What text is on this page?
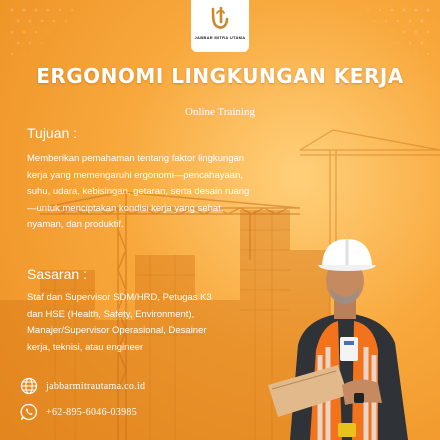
JABBAR MITRA UTAMA
ERGONOMI LINGKUNGAN KERJA
Online Training
Tujuan :
Memberikan pemahaman tentang faktor lingkungan
kerja yang memengaruhi ergonomi—pencahayaan,
suhu, udara, kebisingan, getaran, serta desain ruang
—untuk menciptakan kondisi kerja yang sehat,
nyaman, dan produktif.
Sasaran :
Staf dan Supervisor SDM/HRD, Petugas K3
dan HSE (Health, Safety, Environment),
Manajer/Supervisor Operasional, Desainer
kerja, teknisi, atau engineer
jabbarmitrautama.co.id
+62-895-6046-03985
